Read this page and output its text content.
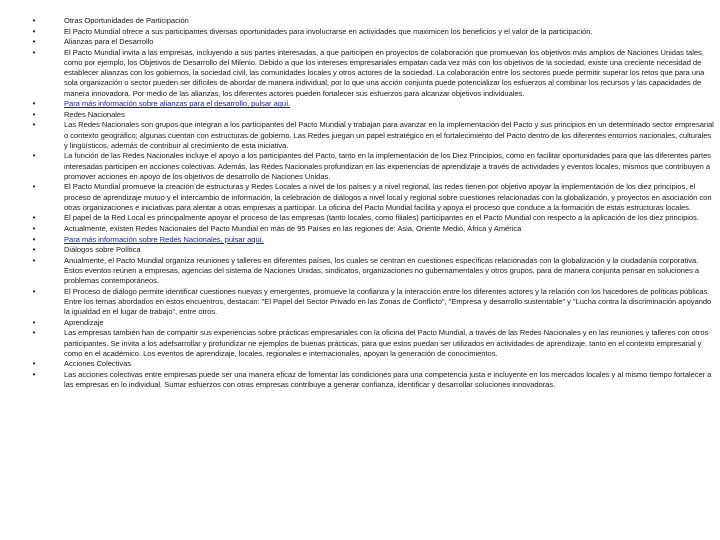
•	Otras Oportunidades de Participación
•	El Pacto Mundial ofrece a sus participantes diversas oportunidades para involucrarse en actividades que maximicen los beneficios y el valor de la participación.
•	Alianzas para el Desarrollo
•	El Pacto Mundial invita a las empresas, incluyendo a sus partes interesadas, a que participen en proyectos de colaboración que promuevan los objetivos más amplios de Naciones Unidas tales, como por ejemplo, los Objetivos de Desarrollo del Milenio. Debido a que los intereses empresariales empatan cada vez más con los objetivos de la sociedad, existe una creciente necesidad de establecer alianzas con los gobiernos, la sociedad civil, las comunidades locales y otros actores de la sociedad. La colaboración entre los sectores puede permitir superar los retos que para una sola organización o sector pueden ser difíciles de abordar de manera individual, por lo que una acción conjunta puede potencializar los esfuerzos al combinar los recursos y las capacidades de manera innovadora. Por medio de las alianzas, los diferentes actores pueden fortalecer sus esfuerzos para alcanzar objetivos individuales.
•	Para más información sobre alianzas para el desarrollo, pulsar aquí.
•	Redes Nacionales
•	Las Redes Nacionales son grupos que integran a los participantes del Pacto Mundial y trabajan para avanzar en la implementación del Pacto y sus principios en un determinado sector empresarial o contexto geográfico; algunas cuentan con estructuras de gobierno. Las Redes juegan un papel estratégico en el fortalecimiento del Pacto dentro de los diferentes entornos nacionales, culturales y lingüísticos, además de contribuir al crecimiento de esta iniciativa.
•	La función de las Redes Nacionales incluye el apoyo a los participantes del Pacto, tanto en la implementación de los Diez Principios, como en facilitar oportunidades para que las diferentes partes interesadas participen en acciones colectivas. Además, las Redes Nacionales profundizan en las experiencias de aprendizaje a través de actividades y eventos locales, mismos que contribuyen a promover acciones en apoyo de los objetivos de desarrollo de Naciones Unidas.
•	El Pacto Mundial promueve la creación de estructuras y Redes Locales a nivel de los países y a nivel regional, las redes tienen por objetivo apoyar la implementación de los diez principios, el proceso de aprendizaje mutuo y el intercambio de información, la celebración de diálogos a nivel local y regional sobre cuestiones relacionadas con la globalización, y proyectos en asociación con otras organizaciones e iniciativas para alentar a otras empresas a participar. La oficina del Pacto Mundial facilita y apoya el proceso que conduce a la formación de estas estructuras locales.
•	El papel de la Red Local es principalmente apoyar el proceso de las empresas (tanto locales, como filiales) participantes en el Pacto Mundial con respecto a la aplicación de los diez principios.
•	Actualmente, existen Redes Nacionales del Pacto Mundial en más de 95 Países en las regiones de: Asia, Oriente Medio, África y América
•	Para más información sobre Redes Nacionales, pulsar aquí.
•	Diálogos sobre Política
•	Anualmente, el Pacto Mundial organiza reuniones y talleres en diferentes países, los cuales se centran en cuestiones específicas relacionadas con la globalización y la ciudadanía corporativa. Estos eventos reúnen a empresas, agencias del sistema de Naciones Unidas, sindicatos, organizaciones no gubernamentales y otros grupos, para de manera conjunta pensar en soluciones a problemas contemporáneos.
•	El Proceso de diálogo permite identificar cuestiones nuevas y emergentes, promueve la confianza y la interacción entre los diferentes actores y la relación con los hacedores de políticas públicas. Entre los temas abordados en estos encuentros, destacan: "El Papel del Sector Privado en las Zonas de Conflicto", "Empresa y desarrollo sustentable" y "Lucha contra la discriminación apoyando la igualdad en el lugar de trabajo", entre otros.
•	Aprendizaje
•	Las empresas también han de compartir sus experiencias sobre prácticas empresariales con la oficina del Pacto Mundial, a través de las Redes Nacionales y en las reuniones y talleres con otros participantes. Se invita a los adefsarrollar y profundizar ne ejemplos de buenas prácticas, para que estos puedan ser utilizados en actividades de aprendizaje, tanto en el contexto empresarial y como en el académico. Los eventos de aprendizaje, locales, regionales e internacionales, apoyan la generación de conocimientos.
•	Acciones Colectivas
•	Las acciones colectivas entre empresas puede ser una manera eficaz de fomentar las condiciones para una competencia justa e incluyente en los mercados locales y al mismo tiempo fortalecer a las empresas en lo individual. Sumar esfuerzos con otras empresas contribuye a generar confianza, identificar y desarrollar soluciones innovadoras.
